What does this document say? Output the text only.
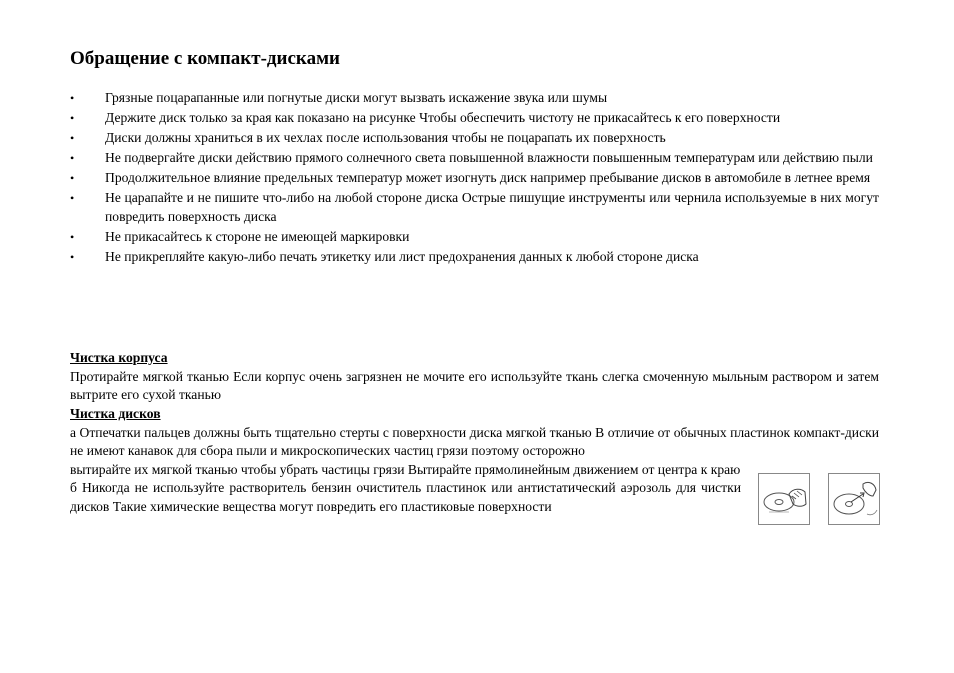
Обращение с компакт-дисками
•	Грязные поцарапанные или погнутые диски могут вызвать искажение звука или шумы
•	Держите диск только за края как показано на рисунке Чтобы обеспечить чистоту не прикасайтесь к его поверхности
•	Диски должны храниться в их чехлах после использования чтобы не поцарапать их поверхность
•	Не подвергайте диски действию прямого солнечного света повышенной влажности повышенным температурам или действию пыли
•	Продолжительное влияние предельных температур может изогнуть диск например пребывание дисков в автомобиле в летнее время
•	Не царапайте и не пишите что-либо на любой стороне диска Острые пишущие инструменты или чернила используемые в них могут повредить поверхность диска
•	Не прикасайтесь к стороне не имеющей маркировки
•	Не прикрепляйте какую-либо печать этикетку или лист предохранения данных к любой стороне диска
Чистка корпуса
Протирайте мягкой тканью Если корпус очень загрязнен не мочите его используйте ткань слегка смоченную мыльным раствором и затем вытрите его сухой тканью
Чистка дисков
а Отпечатки пальцев должны быть тщательно стерты с поверхности диска мягкой тканью В отличие от обычных пластинок компакт-диски не имеют канавок для сбора пыли и микроскопических частиц грязи поэтому осторожно
вытирайте их мягкой тканью чтобы убрать частицы грязи Вытирайте прямолинейным движением от центра к краю
б Никогда не используйте растворитель бензин очиститель пластинок или антистатический аэрозоль для чистки дисков Такие химические вещества могут повредить его пластиковые поверхности
